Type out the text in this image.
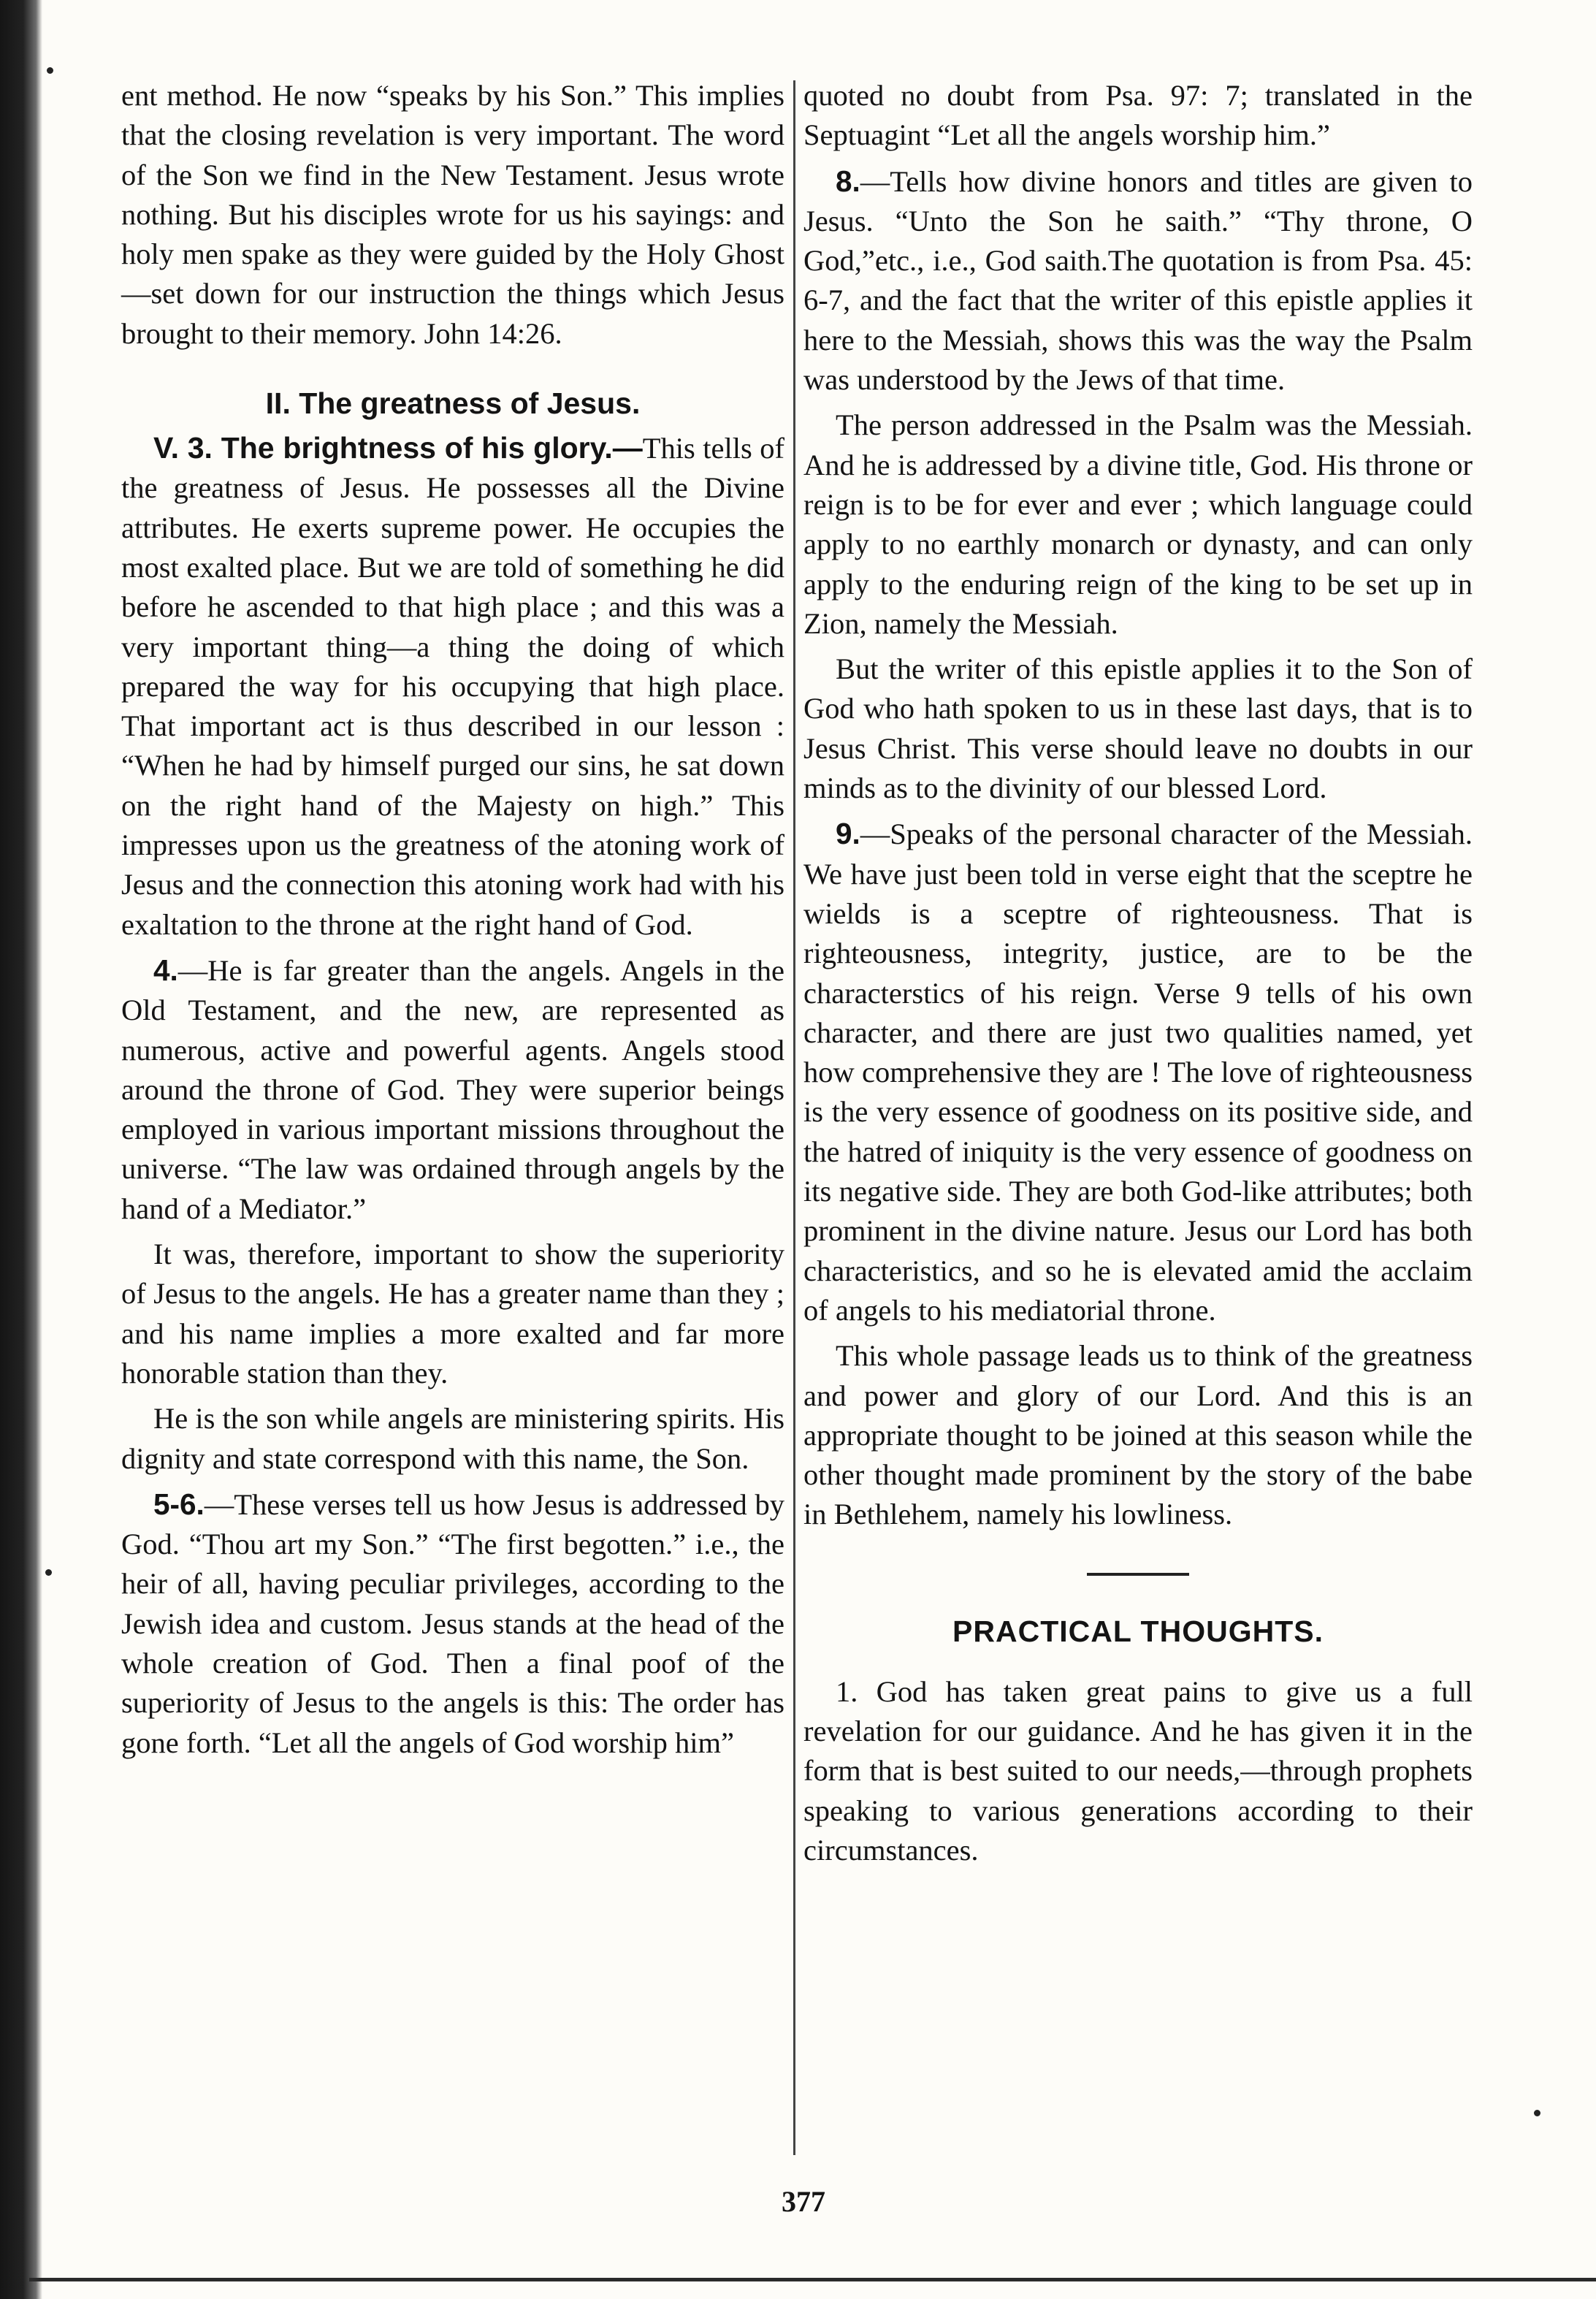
ent method. He now “speaks by his Son.” This implies that the closing revelation is very important. The word of the Son we find in the New Testament. Jesus wrote nothing. But his disciples wrote for us his sayings: and holy men spake as they were guided by the Holy Ghost—set down for our instruction the things which Jesus brought to their memory. John 14:26.

II. The greatness of Jesus.

V. 3. The brightness of his glory.—This tells of the greatness of Jesus. He possesses all the Divine attributes. He exerts supreme power. He occupies the most exalted place. But we are told of something he did before he ascended to that high place ; and this was a very important thing—a thing the doing of which prepared the way for his occupying that high place. That important act is thus described in our lesson : “When he had by himself purged our sins, he sat down on the right hand of the Majesty on high.” This impresses upon us the greatness of the atoning work of Jesus and the connection this atoning work had with his exaltation to the throne at the right hand of God.

4.—He is far greater than the angels. Angels in the Old Testament, and the new, are represented as numerous, active and powerful agents. Angels stood around the throne of God. They were superior beings employed in various important missions throughout the universe. “The law was ordained through angels by the hand of a Mediator.”

It was, therefore, important to show the superiority of Jesus to the angels. He has a greater name than they ; and his name implies a more exalted and far more honorable station than they.

He is the son while angels are ministering spirits. His dignity and state correspond with this name, the Son.

5-6.—These verses tell us how Jesus is addressed by God. “Thou art my Son.” “The first begotten.” i.e., the heir of all, having peculiar privileges, according to the Jewish idea and custom. Jesus stands at the head of the whole creation of God. Then a final poof of the superiority of Jesus to the angels is this: The order has gone forth. “Let all the angels of God worship him”

quoted no doubt from Psa. 97: 7; translated in the Septuagint “Let all the angels worship him.”

8.—Tells how divine honors and titles are given to Jesus. “Unto the Son he saith.” “Thy throne, O God,”etc., i.e., God saith.The quotation is from Psa. 45: 6-7, and the fact that the writer of this epistle applies it here to the Messiah, shows this was the way the Psalm was understood by the Jews of that time.

The person addressed in the Psalm was the Messiah. And he is addressed by a divine title, God. His throne or reign is to be for ever and ever ; which language could apply to no earthly monarch or dynasty, and can only apply to the enduring reign of the king to be set up in Zion, namely the Messiah.

But the writer of this epistle applies it to the Son of God who hath spoken to us in these last days, that is to Jesus Christ. This verse should leave no doubts in our minds as to the divinity of our blessed Lord.

9.—Speaks of the personal character of the Messiah. We have just been told in verse eight that the sceptre he wields is a sceptre of righteousness. That is righteousness, integrity, justice, are to be the characterstics of his reign. Verse 9 tells of his own character, and there are just two qualities named, yet how comprehensive they are ! The love of righteousness is the very essence of goodness on its positive side, and the hatred of iniquity is the very essence of goodness on its negative side. They are both God-like attributes; both prominent in the divine nature. Jesus our Lord has both characteristics, and so he is elevated amid the acclaim of angels to his mediatorial throne.

This whole passage leads us to think of the greatness and power and glory of our Lord. And this is an appropriate thought to be joined at this season while the other thought made prominent by the story of the babe in Bethlehem, namely his lowliness.

PRACTICAL THOUGHTS.

1. God has taken great pains to give us a full revelation for our guidance. And he has given it in the form that is best suited to our needs,—through prophets speaking to various generations according to their circumstances.

377
